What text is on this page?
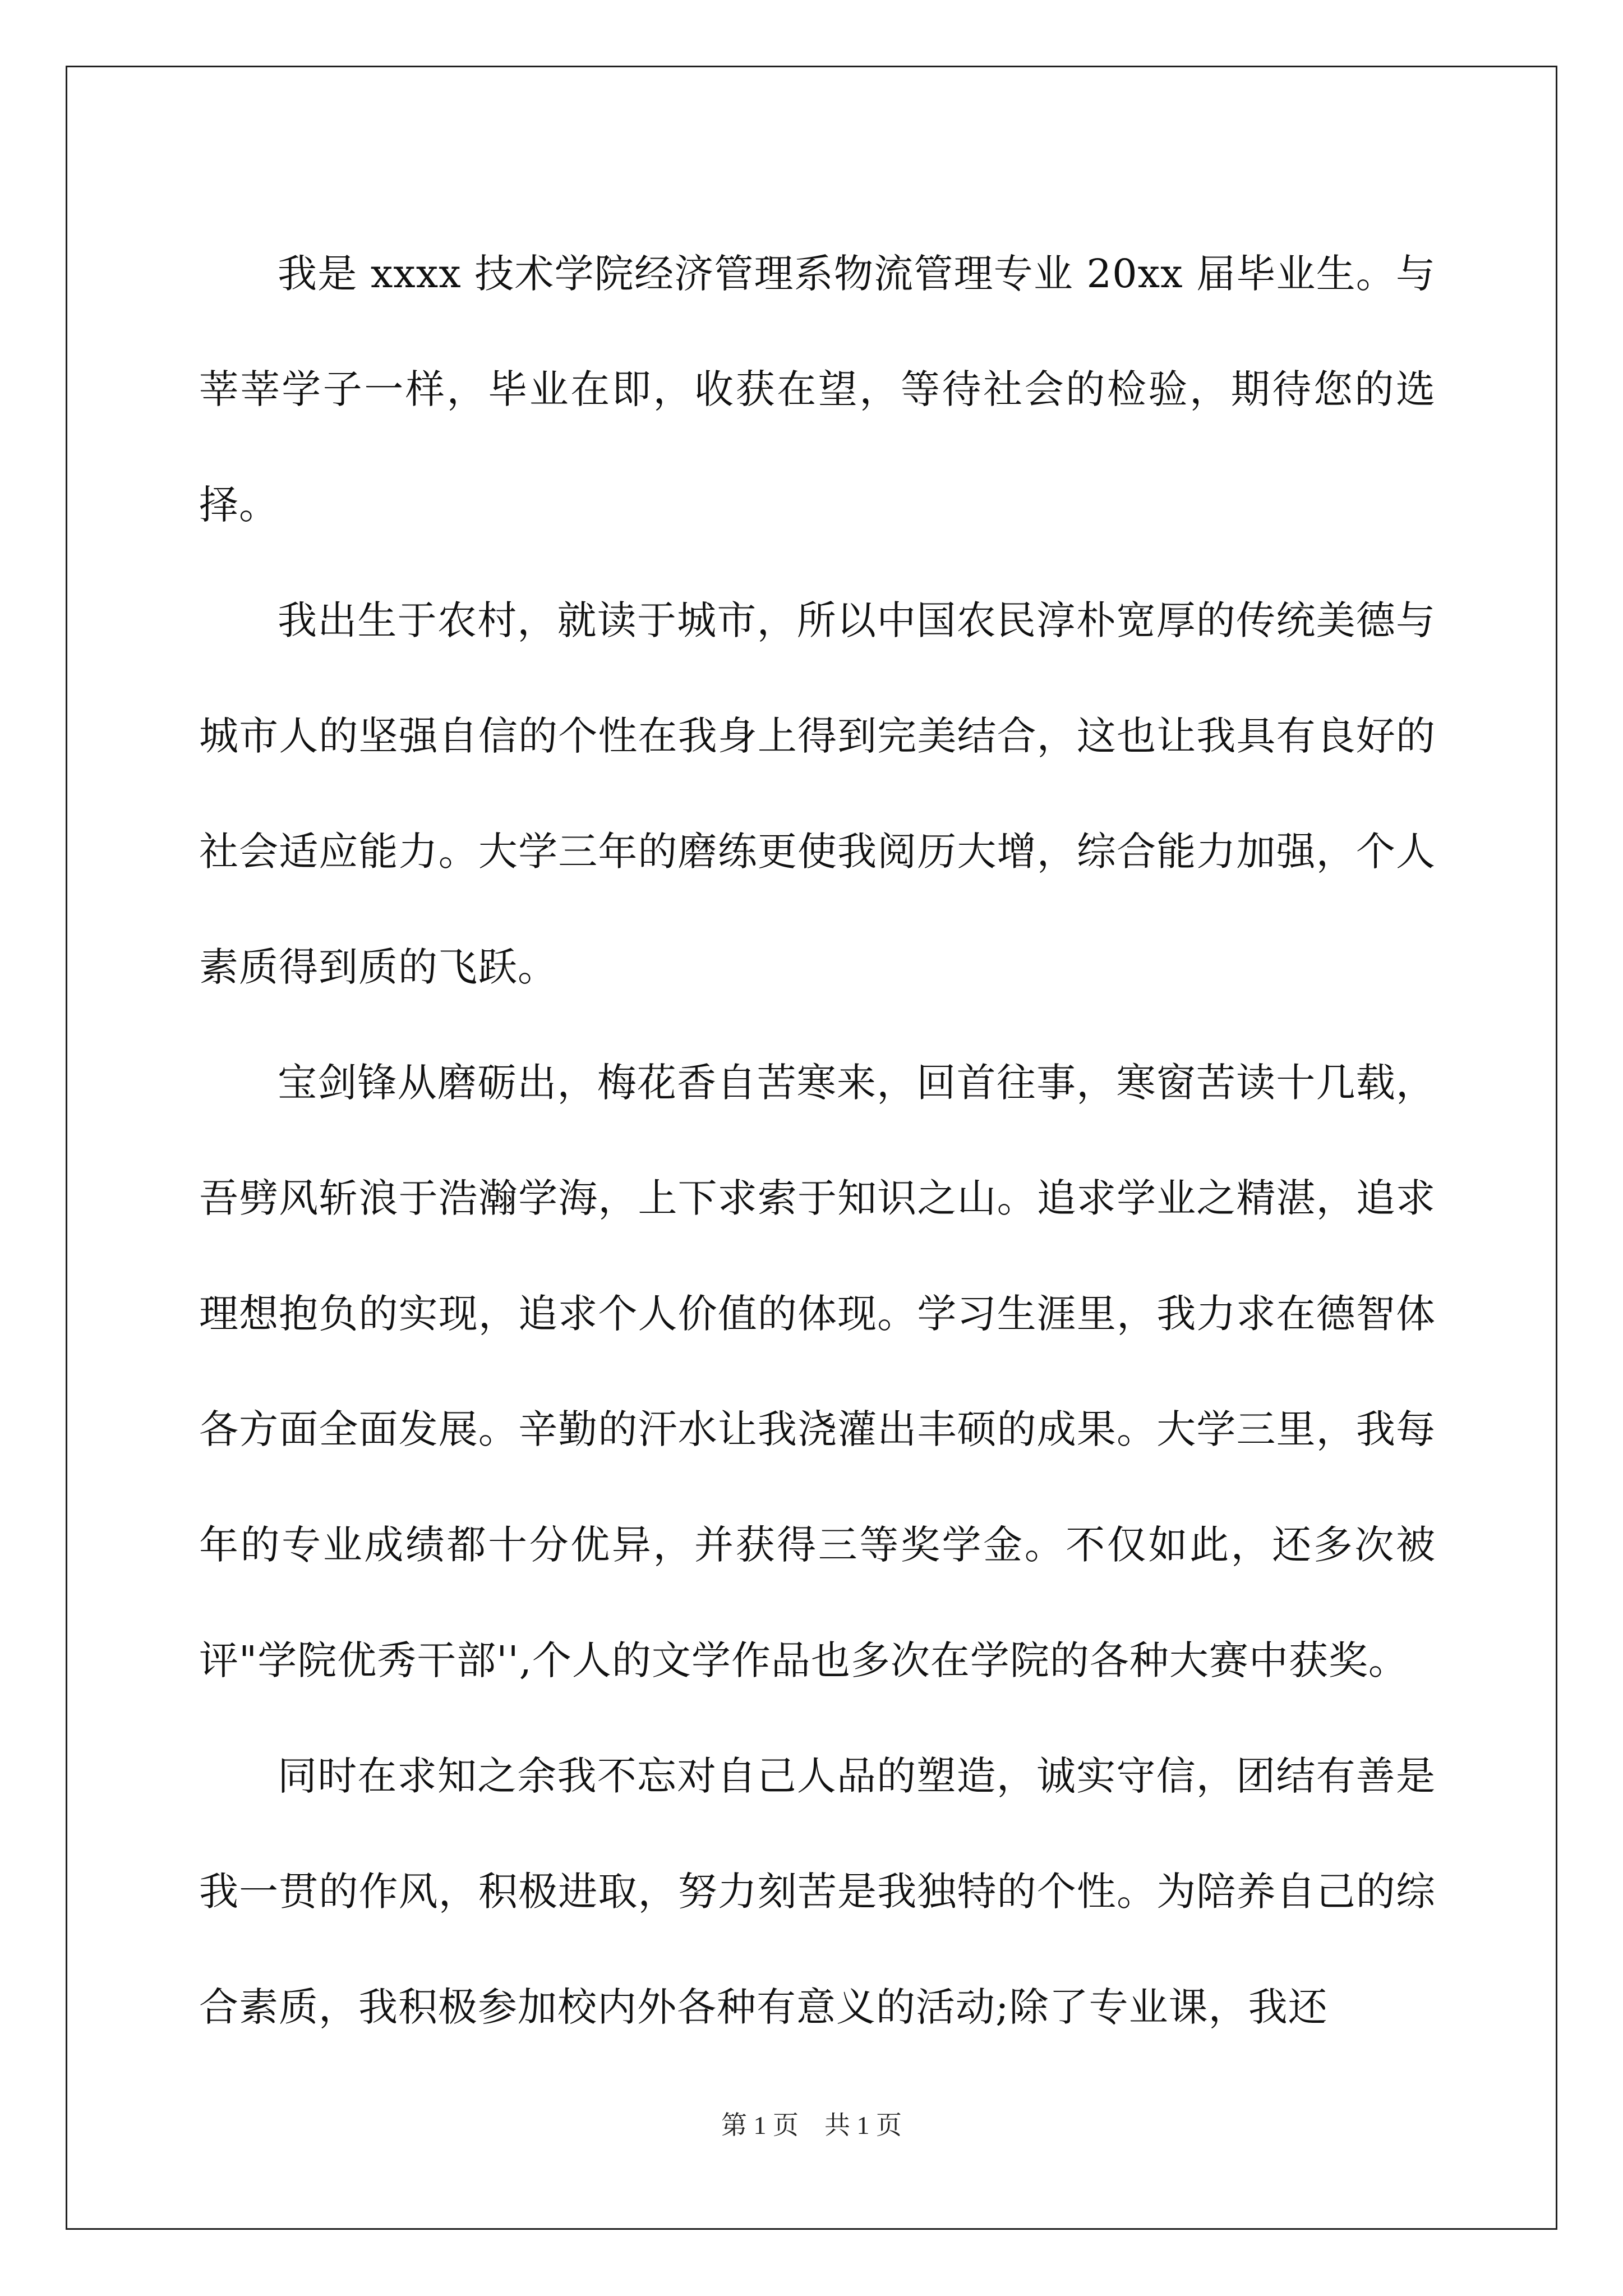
我是 xxxx 技术学院经济管理系物流管理专业 20xx 届毕业生。与莘莘学子一样，毕业在即，收获在望，等待社会的检验，期待您的选择。

我出生于农村，就读于城市，所以中国农民淳朴宽厚的传统美德与城市人的坚强自信的个性在我身上得到完美结合，这也让我具有良好的社会适应能力。大学三年的磨练更使我阅历大增，综合能力加强，个人素质得到质的飞跃。

宝剑锋从磨砺出，梅花香自苦寒来，回首往事，寒窗苦读十几载，吾劈风斩浪于浩瀚学海，上下求索于知识之山。追求学业之精湛，追求理想抱负的实现，追求个人价值的体现。学习生涯里，我力求在德智体各方面全面发展。辛勤的汗水让我浇灌出丰硕的成果。大学三里，我每年的专业成绩都十分优异，并获得三等奖学金。不仅如此，还多次被评"学院优秀干部'',个人的文学作品也多次在学院的各种大赛中获奖。

同时在求知之余我不忘对自己人品的塑造，诚实守信，团结有善是我一贯的作风，积极进取，努力刻苦是我独特的个性。为陪养自己的综合素质，我积极参加校内外各种有意义的活动;除了专业课，我还

第 1 页　共 1 页
